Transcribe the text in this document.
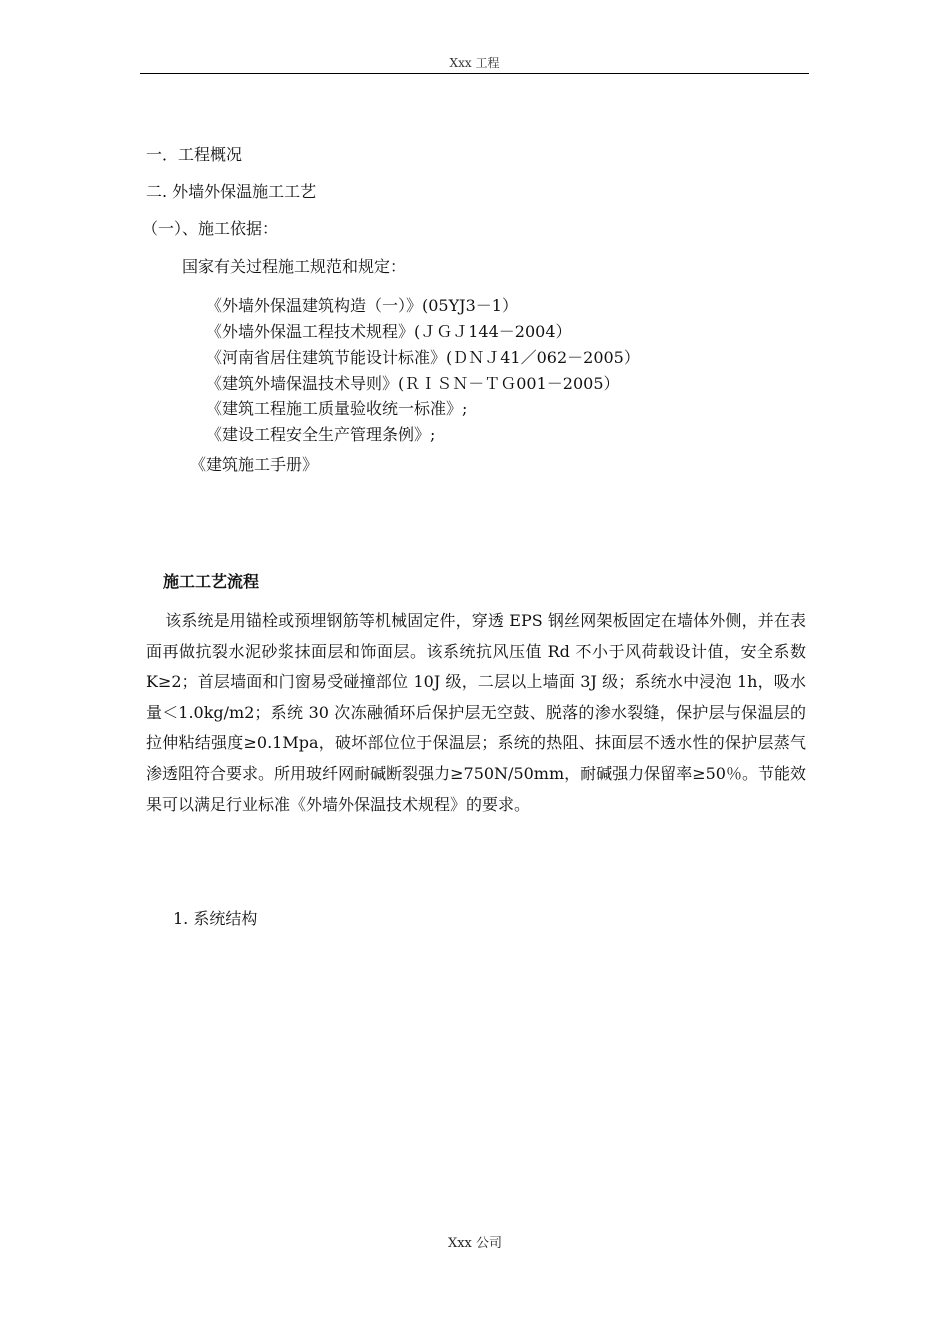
Xxx 工程
一．工程概况
二. 外墙外保温施工工艺
（一）、施工依据：
国家有关过程施工规范和规定：
《外墙外保温建筑构造（一）》(05YJ3－1）
《外墙外保温工程技术规程》(ＪＧＪ144－2004）
《河南省居住建筑节能设计标准》(ＤＮＪ41／062－2005）
《建筑外墙保温技术导则》(ＲＩＳＮ－ＴＧ001－2005）
《建筑工程施工质量验收统一标准》;
《建设工程安全生产管理条例》;
《建筑施工手册》
施工工艺流程

该系统是用锚栓或预埋钢筋等机械固定件，穿透 EPS 钢丝网架板固定在墙体外侧，并在表面再做抗裂水泥砂浆抹面层和饰面层。该系统抗风压值 Rd 不小于风荷载设计值，安全系数 K≥2；首层墙面和门窗易受碰撞部位 10J 级，二层以上墙面 3J 级；系统水中浸泡 1h，吸水量＜1.0kg/m2；系统 30 次冻融循环后保护层无空鼓、脱落的渗水裂缝，保护层与保温层的拉伸粘结强度≥0.1Mpa，破坏部位位于保温层；系统的热阻、抹面层不透水性的保护层蒸气渗透阻符合要求。所用玻纤网耐碱断裂强力≥750N/50mm，耐碱强力保留率≥50％。节能效果可以满足行业标准《外墙外保温技术规程》的要求。

1. 系统结构
Xxx 公司
